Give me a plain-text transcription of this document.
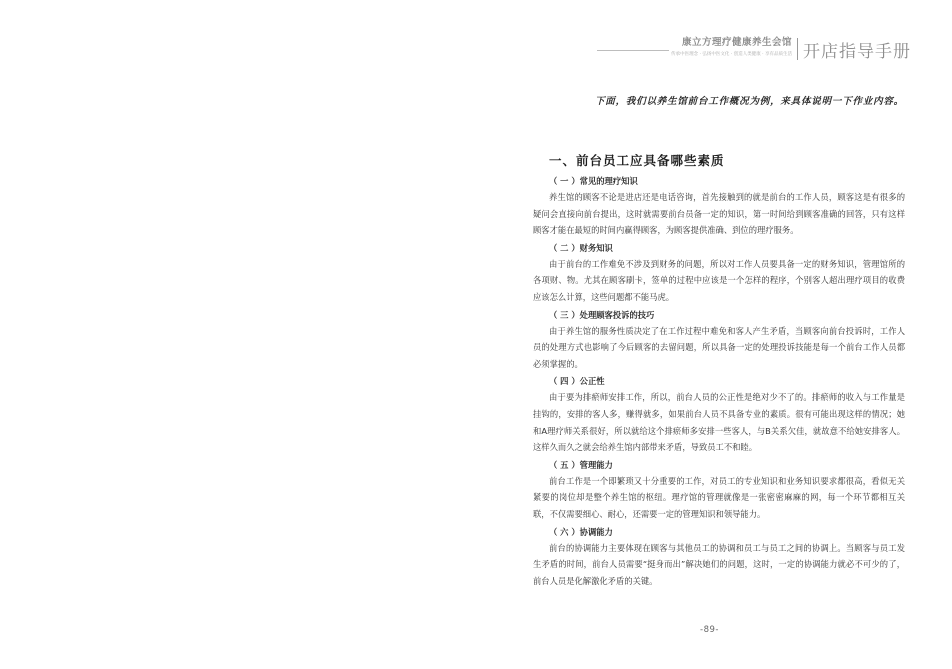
康立方理疗健康养生会馆
传承中医理念 · 弘扬中医文化 · 创造人类健康 · 享有品质生活 开店指导手册
下面，我们以养生馆前台工作概况为例，来具体说明一下作业内容。
一、前台员工应具备哪些素质
（ 一 ）常见的理疗知识

养生馆的顾客不论是进店还是电话咨询，首先接触到的就是前台的工作人员，顾客这是有很多的疑问会直接向前台提出，这时就需要前台员备一定的知识，第一时间给到顾客准确的回答，只有这样顾客才能在最短的时间内赢得顾客，为顾客提供准确、到位的理疗服务。

（ 二 ）财务知识

由于前台的工作难免不涉及到财务的问题，所以对工作人员要具备一定的财务知识，管理馆所的各项财、物。尤其在顾客刷卡，签单的过程中应该是一个怎样的程序，个别客人超出理疗项目的收费应该怎么计算，这些问题都不能马虎。

（ 三 ）处理顾客投诉的技巧

由于养生馆的服务性质决定了在工作过程中难免和客人产生矛盾，当顾客向前台投诉时，工作人员的处理方式也影响了今后顾客的去留问题，所以具备一定的处理投诉技能是每一个前台工作人员都必须掌握的。

（ 四 ）公正性

由于要为排瘀师安排工作，所以，前台人员的公正性是绝对少不了的。排瘀师的收入与工作量是挂钩的，安排的客人多，赚得就多，如果前台人员不具备专业的素质。很有可能出现这样的情况；她和A理疗师关系很好，所以就给这个排瘀师多安排一些客人，与B关系欠佳，就故意不给她安排客人。这样久而久之就会给养生馆内部带来矛盾，导致员工不和睦。

（ 五 ）管理能力

前台工作是一个即繁琐又十分重要的工作，对员工的专业知识和业务知识要求都很高，看似无关紧要的岗位却是整个养生馆的枢纽。理疗馆的管理就像是一张密密麻麻的网，每一个环节都相互关联，不仅需要细心、耐心，还需要一定的管理知识和领导能力。

（ 六 ）协调能力

前台的协调能力主要体现在顾客与其他员工的协调和员工与员工之间的协调上。当顾客与员工发生矛盾的时间，前台人员需要“挺身而出”解决她们的问题，这时，一定的协调能力就必不可少的了，前台人员是化解激化矛盾的关键。

-89-
